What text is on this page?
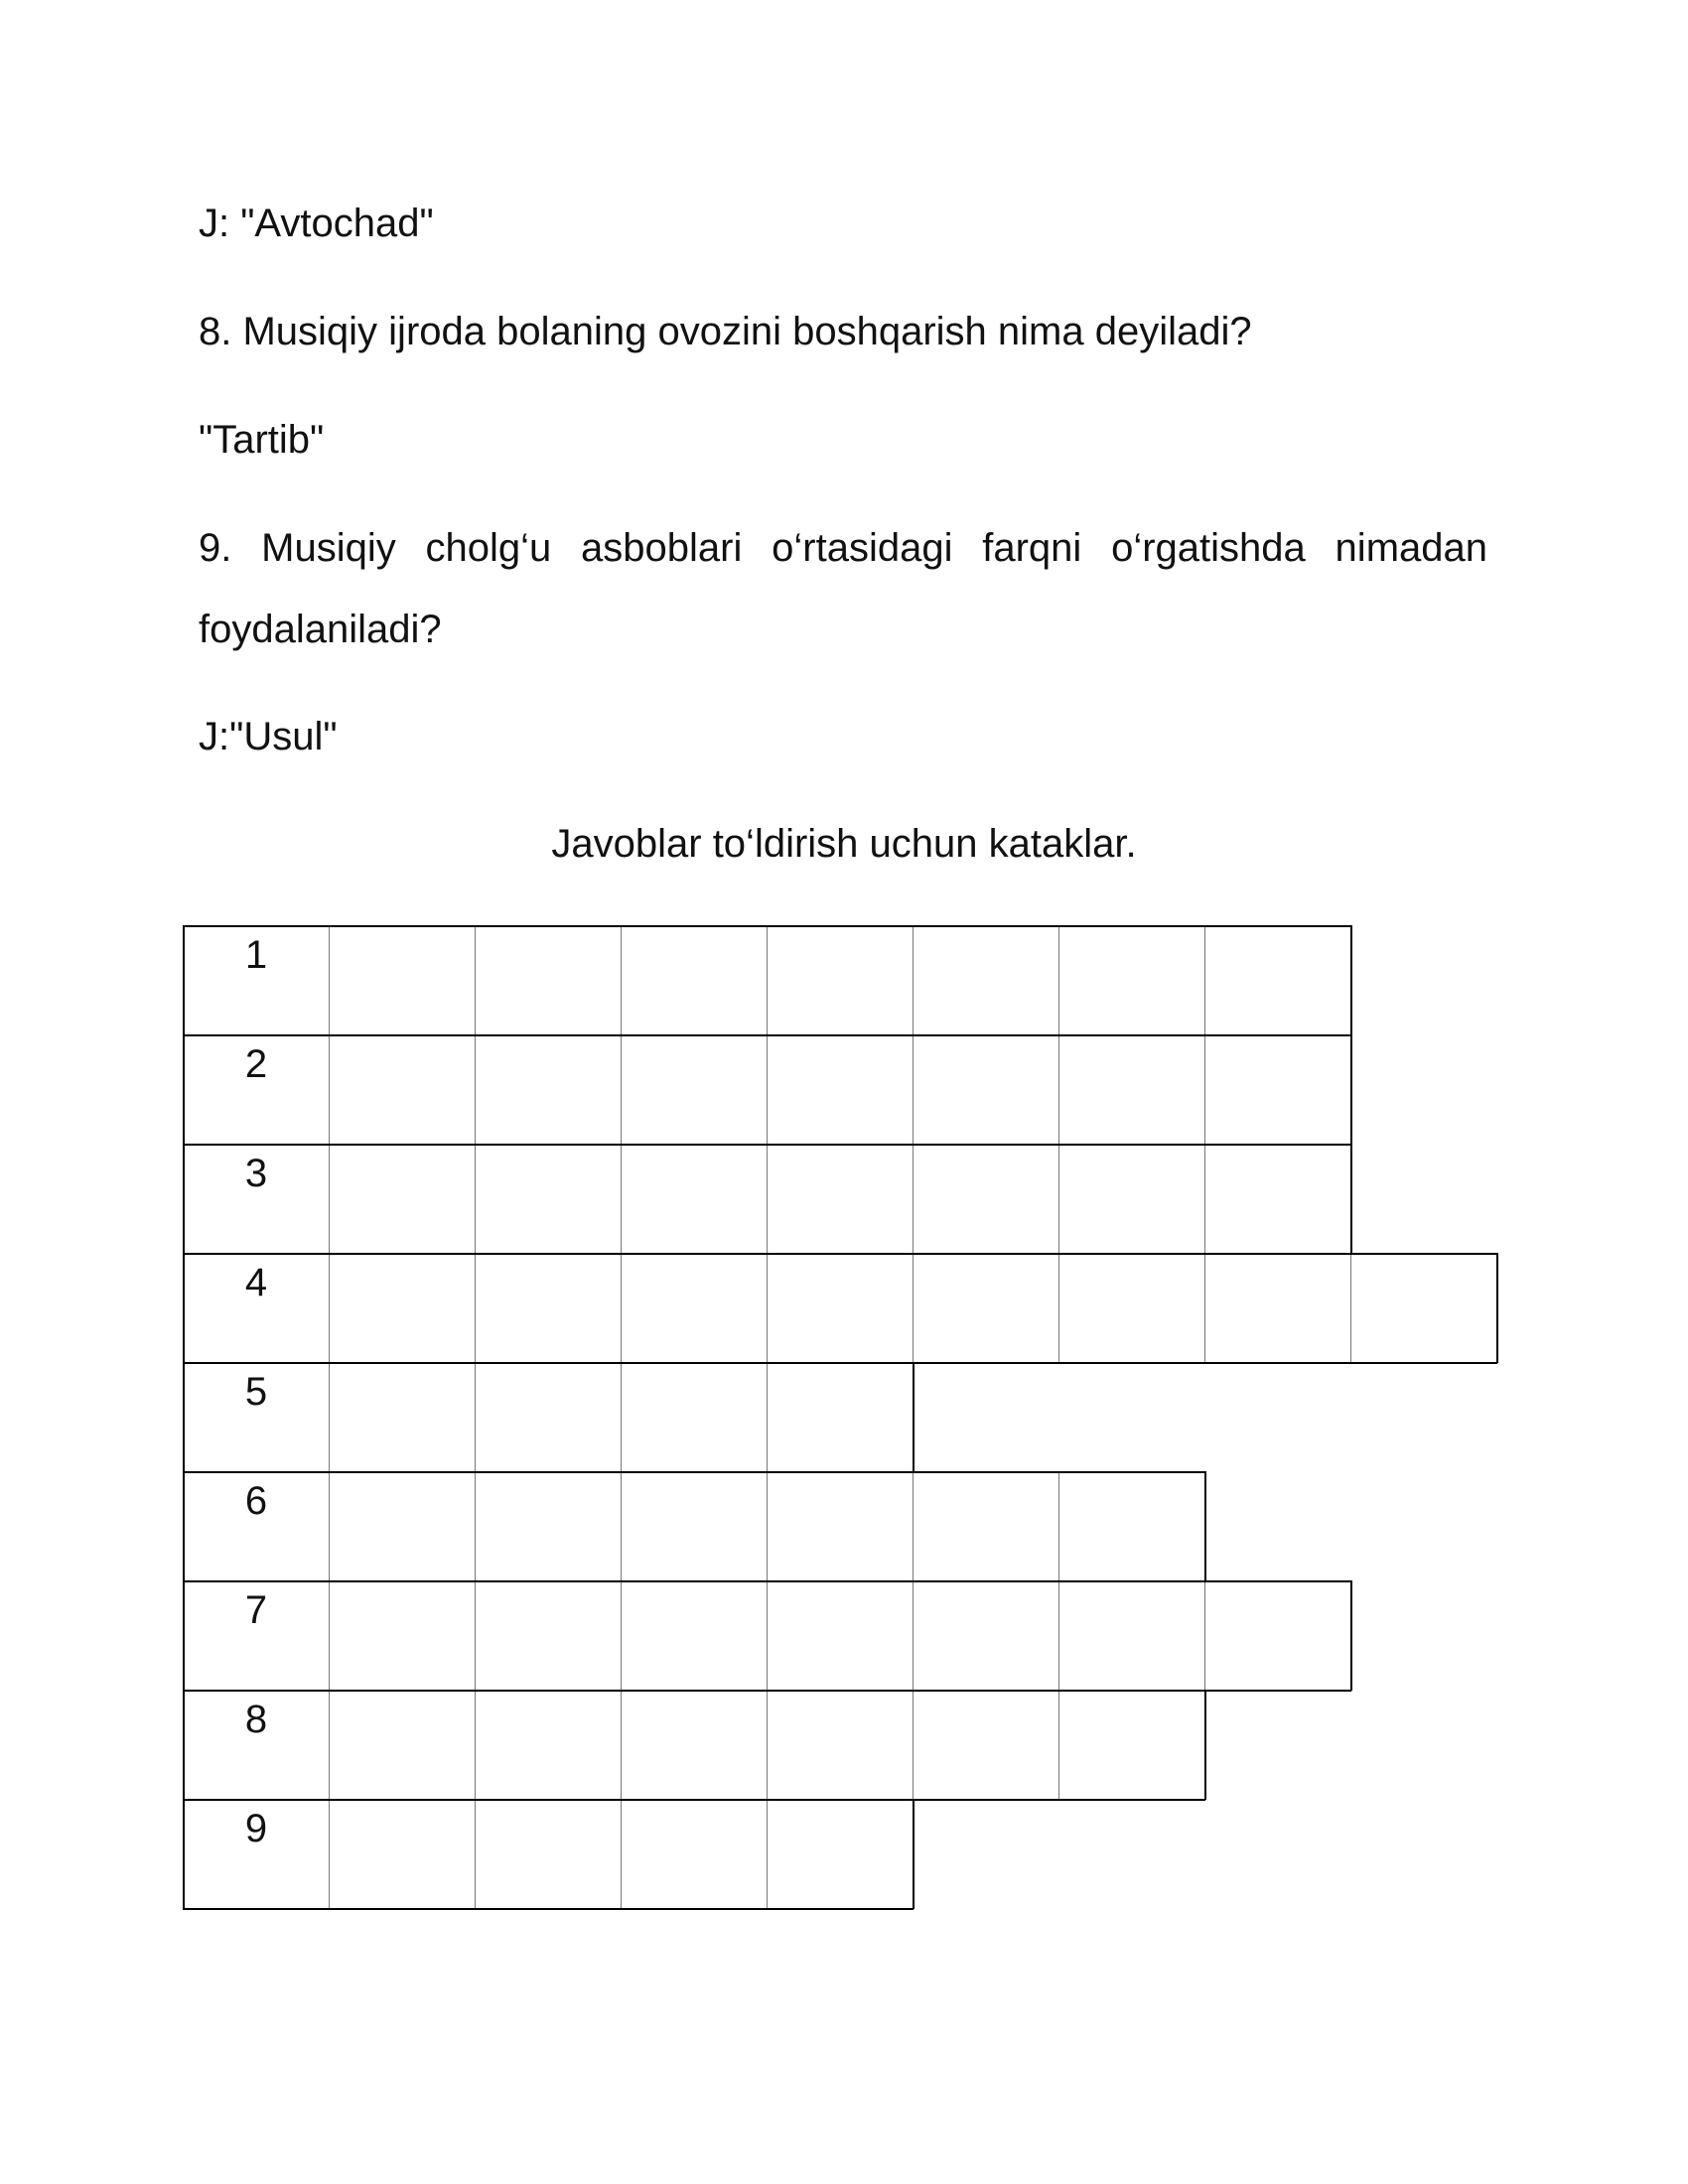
J: "Avtochad"

8. Musiqiy ijroda bolaning ovozini boshqarish nima deyiladi?

"Tartib"

9. Musiqiy cholg‘u asboblari o‘rtasidagi farqni o‘rgatishda nimadan foydalaniladi?

J:"Usul"

Javoblar to‘ldirish uchun kataklar.

1
2
3
4
5
6
7
8
9
